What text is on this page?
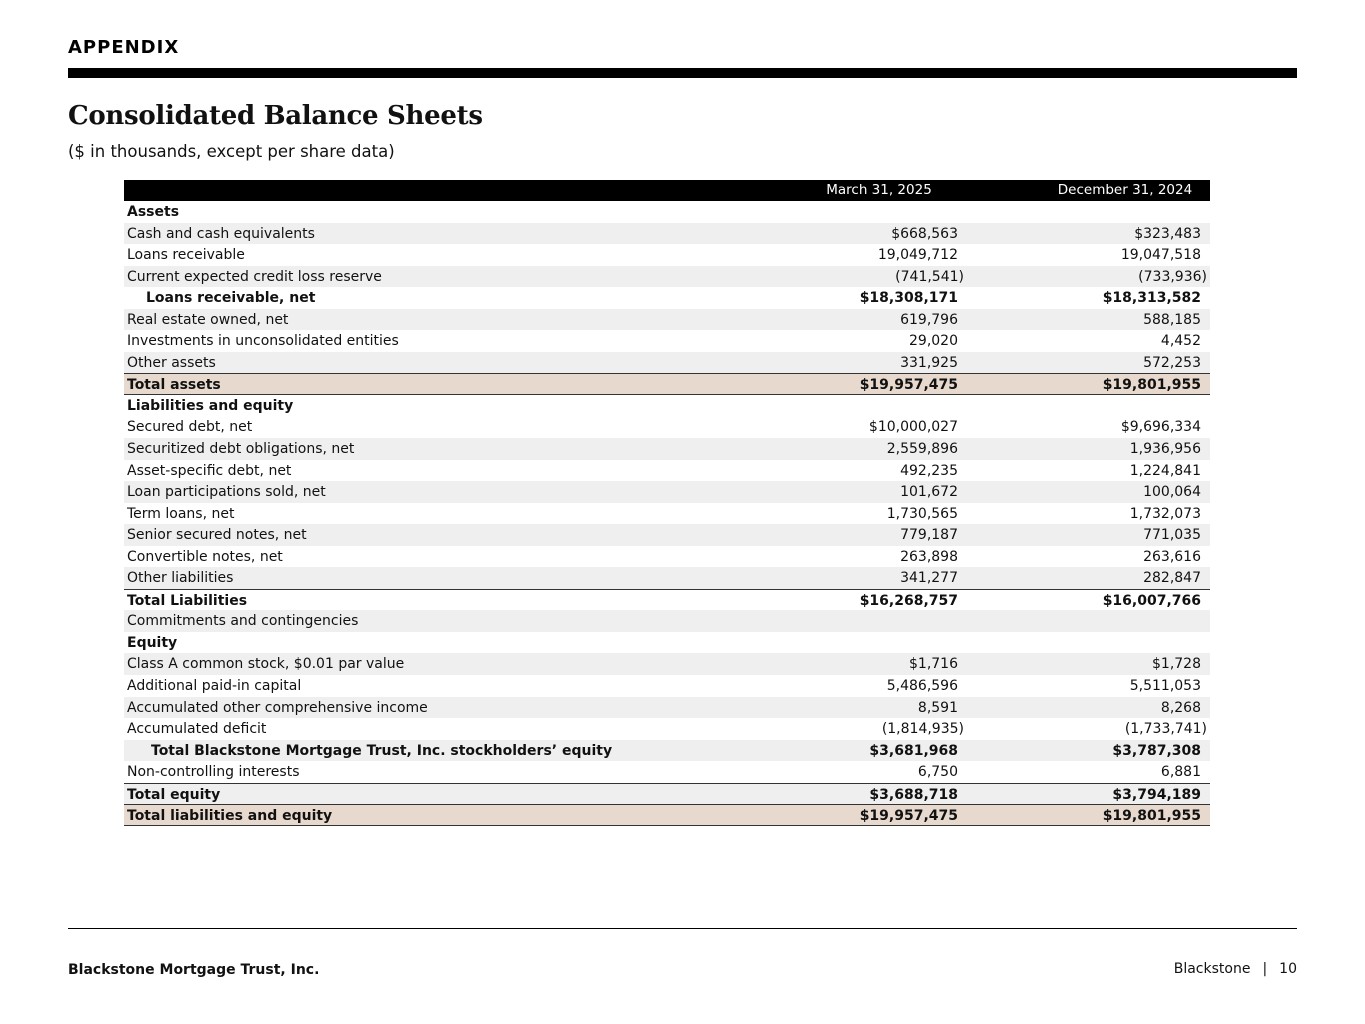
APPENDIX
Consolidated Balance Sheets
($ in thousands, except per share data)
March 31, 2025	December 31, 2024
Assets
Cash and cash equivalents	$668,563	$323,483
Loans receivable	19,049,712	19,047,518
Current expected credit loss reserve	(741,541)	(733,936)
Loans receivable, net	$18,308,171	$18,313,582
Real estate owned, net	619,796	588,185
Investments in unconsolidated entities	29,020	4,452
Other assets	331,925	572,253
Total assets	$19,957,475	$19,801,955
Liabilities and equity
Secured debt, net	$10,000,027	$9,696,334
Securitized debt obligations, net	2,559,896	1,936,956
Asset-specific debt, net	492,235	1,224,841
Loan participations sold, net	101,672	100,064
Term loans, net	1,730,565	1,732,073
Senior secured notes, net	779,187	771,035
Convertible notes, net	263,898	263,616
Other liabilities	341,277	282,847
Total Liabilities	$16,268,757	$16,007,766
Commitments and contingencies
Equity
Class A common stock, $0.01 par value	$1,716	$1,728
Additional paid-in capital	5,486,596	5,511,053
Accumulated other comprehensive income	8,591	8,268
Accumulated deficit	(1,814,935)	(1,733,741)
Total Blackstone Mortgage Trust, Inc. stockholders’ equity	$3,681,968	$3,787,308
Non-controlling interests	6,750	6,881
Total equity	$3,688,718	$3,794,189
Total liabilities and equity	$19,957,475	$19,801,955
Blackstone Mortgage Trust, Inc.	Blackstone | 10
